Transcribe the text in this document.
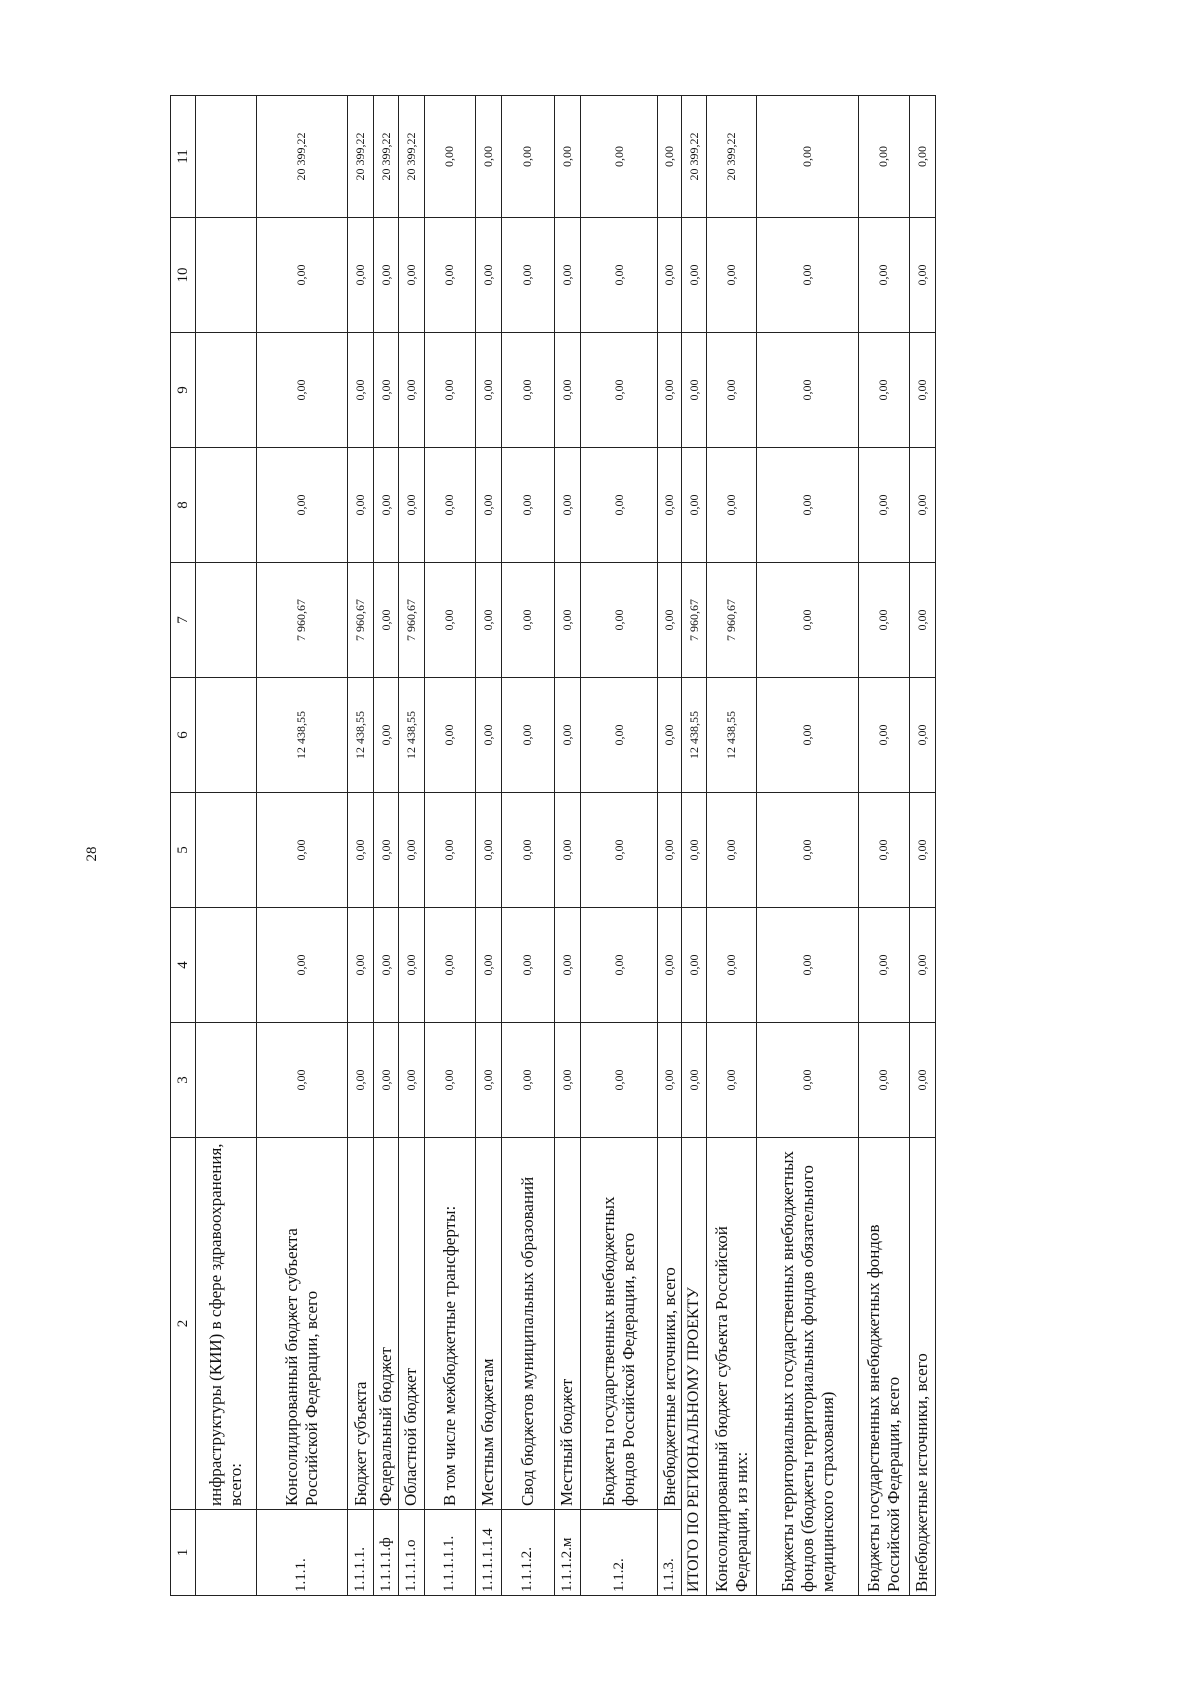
28
1	2	3	4	5	6	7	8	9	10	11
	инфраструктуры (КИИ) в сфере здравоохранения, всего:									
1.1.1.	Консолидированный бюджет субъекта Российской Федерации, всего	0,00	0,00	0,00	12 438,55	7 960,67	0,00	0,00	0,00	20 399,22
1.1.1.1.	Бюджет субъекта	0,00	0,00	0,00	12 438,55	7 960,67	0,00	0,00	0,00	20 399,22
1.1.1.1.ф	Федеральный бюджет	0,00	0,00	0,00	0,00	0,00	0,00	0,00	0,00	20 399,22
1.1.1.1.о	Областной бюджет	0,00	0,00	0,00	12 438,55	7 960,67	0,00	0,00	0,00	20 399,22
1.1.1.1.1.	В том числе межбюджетные трансферты:	0,00	0,00	0,00	0,00	0,00	0,00	0,00	0,00	0,00
1.1.1.1.1.4	Местным бюджетам	0,00	0,00	0,00	0,00	0,00	0,00	0,00	0,00	0,00
1.1.1.2.	Свод бюджетов муниципальных образований	0,00	0,00	0,00	0,00	0,00	0,00	0,00	0,00	0,00
1.1.1.2.м	Местный бюджет	0,00	0,00	0,00	0,00	0,00	0,00	0,00	0,00	0,00
1.1.2.	Бюджеты государственных внебюджетных фондов Российской Федерации, всего	0,00	0,00	0,00	0,00	0,00	0,00	0,00	0,00	0,00
1.1.3.	Внебюджетные источники, всего	0,00	0,00	0,00	0,00	0,00	0,00	0,00	0,00	0,00
ИТОГО ПО РЕГИОНАЛЬНОМУ ПРОЕКТУ		0,00	0,00	0,00	12 438,55	7 960,67	0,00	0,00	0,00	20 399,22
Консолидированный бюджет субъекта Российской Федерации, из них:		0,00	0,00	0,00	12 438,55	7 960,67	0,00	0,00	0,00	20 399,22
Бюджеты территориальных государственных внебюджетных фондов (бюджеты территориальных фондов обязательного медицинского страхования)		0,00	0,00	0,00	0,00	0,00	0,00	0,00	0,00	0,00
Бюджеты государственных внебюджетных фондов Российской Федерации, всего		0,00	0,00	0,00	0,00	0,00	0,00	0,00	0,00	0,00
Внебюджетные источники, всего		0,00	0,00	0,00	0,00	0,00	0,00	0,00	0,00	0,00
